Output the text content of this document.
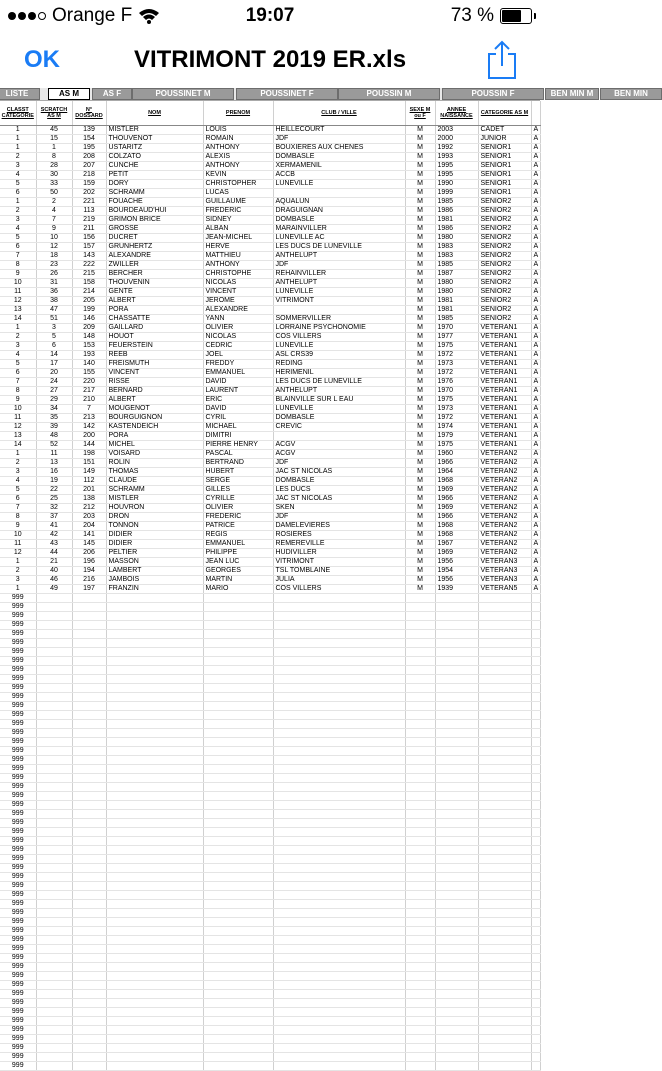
Orange F	19:07	73 %
OK	VITRIMONT 2019 ER.xls
LISTE	AS M	AS F	POUSSINET M	POUSSINET F	POUSSIN M	POUSSIN F	BEN MIN M	BEN MIN
CLASST CATEGORIE	SCRATCH AS M	N° DOSSARD	NOM	PRENOM	CLUB / VILLE	SEXE M ou F	ANNEE NAISSANCE	CATEGORIE AS M	
1	45	139	MISTLER	LOUIS	HEILLECOURT	M	2003	CADET	A
1	15	154	THOUVENOT	ROMAIN	JDF	M	2000	JUNIOR	A
1	1	195	USTARITZ	ANTHONY	BOUXIERES AUX CHENES	M	1992	SENIOR1	A
2	8	208	COLZATO	ALEXIS	DOMBASLE	M	1993	SENIOR1	A
3	28	207	CUNCHE	ANTHONY	XERMAMENIL	M	1995	SENIOR1	A
4	30	218	PETIT	KEVIN	ACCB	M	1995	SENIOR1	A
5	33	159	DORY	CHRISTOPHER	LUNEVILLE	M	1990	SENIOR1	A
6	50	202	SCHRAMM	LUCAS		M	1999	SENIOR1	A
1	2	221	FOUACHE	GUILLAUME	AQUALUN	M	1985	SENIOR2	A
2	4	113	BOURDEAUD'HUI	FREDERIC	DRAGUIGNAN	M	1986	SENIOR2	A
3	7	219	GRIMON BRICE	SIDNEY	DOMBASLE	M	1981	SENIOR2	A
4	9	211	GROSSE	ALBAN	MARAINVILLER	M	1986	SENIOR2	A
5	10	156	DUCRET	JEAN-MICHEL	LUNEVILLE AC	M	1980	SENIOR2	A
6	12	157	GRUNHERTZ	HERVE	LES DUCS DE LUNEVILLE	M	1983	SENIOR2	A
7	18	143	ALEXANDRE	MATTHIEU	ANTHELUPT	M	1983	SENIOR2	A
8	23	222	ZWILLER	ANTHONY	JDF	M	1985	SENIOR2	A
9	26	215	BERCHER	CHRISTOPHE	REHAINVILLER	M	1987	SENIOR2	A
10	31	158	THOUVENIN	NICOLAS	ANTHELUPT	M	1980	SENIOR2	A
11	36	214	GENTE	VINCENT	LUNEVILLE	M	1980	SENIOR2	A
12	38	205	ALBERT	JEROME	VITRIMONT	M	1981	SENIOR2	A
13	47	199	PORA	ALEXANDRE		M	1981	SENIOR2	A
14	51	146	CHASSATTE	YANN	SOMMERVILLER	M	1985	SENIOR2	A
1	3	209	GAILLARD	OLIVIER	LORRAINE PSYCHONOMIE	M	1970	VETERAN1	A
2	5	148	HOUOT	NICOLAS	COS VILLERS	M	1977	VETERAN1	A
3	6	153	FEUERSTEIN	CEDRIC	LUNEVILLE	M	1975	VETERAN1	A
4	14	193	REEB	JOEL	ASL CRS39	M	1972	VETERAN1	A
5	17	140	FREISMUTH	FREDDY	REDING	M	1973	VETERAN1	A
6	20	155	VINCENT	EMMANUEL	HERIMENIL	M	1972	VETERAN1	A
7	24	220	RISSE	DAVID	LES DUCS DE LUNEVILLE	M	1976	VETERAN1	A
8	27	217	BERNARD	LAURENT	ANTHELUPT	M	1970	VETERAN1	A
9	29	210	ALBERT	ERIC	BLAINVILLE SUR L EAU	M	1975	VETERAN1	A
10	34	7	MOUGENOT	DAVID	LUNEVILLE	M	1973	VETERAN1	A
11	35	213	BOURGUIGNON	CYRIL	DOMBASLE	M	1972	VETERAN1	A
12	39	142	KASTENDEICH	MICHAEL	CREVIC	M	1974	VETERAN1	A
13	48	200	PORA	DIMITRI		M	1979	VETERAN1	A
14	52	144	MICHEL	PIERRE HENRY	ACGV	M	1975	VETERAN1	A
1	11	198	VOISARD	PASCAL	ACGV	M	1960	VETERAN2	A
2	13	151	ROLIN	BERTRAND	JDF	M	1966	VETERAN2	A
3	16	149	THOMAS	HUBERT	JAC ST NICOLAS	M	1964	VETERAN2	A
4	19	112	CLAUDE	SERGE	DOMBASLE	M	1968	VETERAN2	A
5	22	201	SCHRAMM	GILLES	LES DUCS	M	1969	VETERAN2	A
6	25	138	MISTLER	CYRILLE	JAC ST NICOLAS	M	1966	VETERAN2	A
7	32	212	HOUVRON	OLIVIER	SKEN	M	1969	VETERAN2	A
8	37	203	DRON	FREDERIC	JDF	M	1966	VETERAN2	A
9	41	204	TONNON	PATRICE	DAMELEVIERES	M	1968	VETERAN2	A
10	42	141	DIDIER	REGIS	ROSIERES	M	1968	VETERAN2	A
11	43	145	DIDIER	EMMANUEL	REMEREVILLE	M	1967	VETERAN2	A
12	44	206	PELTIER	PHILIPPE	HUDIVILLER	M	1969	VETERAN2	A
1	21	196	MASSON	JEAN LUC	VITRIMONT	M	1956	VETERAN3	A
2	40	194	LAMBERT	GEORGES	TSL TOMBLAINE	M	1954	VETERAN3	A
3	46	216	JAMBOIS	MARTIN	JULIA	M	1956	VETERAN3	A
1	49	197	FRANZIN	MARIO	COS VILLERS	M	1939	VETERAN5	A
999									
999									
999									
999									
999									
999									
999									
999									
999									
999									
999									
999									
999									
999									
999									
999									
999									
999									
999									
999									
999									
999									
999									
999									
999									
999									
999									
999									
999									
999									
999									
999									
999									
999									
999									
999									
999									
999									
999									
999									
999									
999									
999									
999									
999									
999									
999									
999									
999									
999									
999									
999									
999									
